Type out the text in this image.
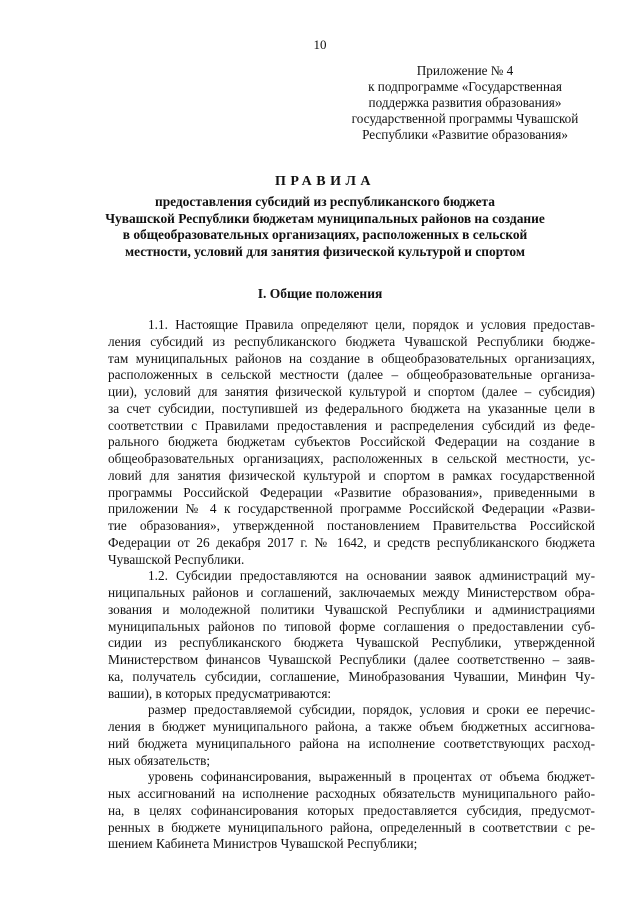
10
Приложение № 4
к подпрограмме «Государственная
поддержка развития образования»
государственной программы Чувашской
Республики «Развитие образования»
ПРАВИЛА
предоставления субсидий из республиканского бюджета
Чувашской Республики бюджетам муниципальных районов на создание
в общеобразовательных организациях, расположенных в сельской
местности, условий для занятия физической культурой и спортом
I. Общие положения
1.1. Настоящие Правила определяют цели, порядок и условия предостав-
ления субсидий из республиканского бюджета Чувашской Республики бюдже-
там муниципальных районов на создание в общеобразовательных организациях,
расположенных в сельской местности (далее – общеобразовательные организа-
ции), условий для занятия физической культурой и спортом (далее – субсидия)
за счет субсидии, поступившей из федерального бюджета на указанные цели в
соответствии с Правилами предоставления и распределения субсидий из феде-
рального бюджета бюджетам субъектов Российской Федерации на создание в
общеобразовательных организациях, расположенных в сельской местности, ус-
ловий для занятия физической культурой и спортом в рамках государственной
программы Российской Федерации «Развитие образования», приведенными в
приложении № 4 к государственной программе Российской Федерации «Разви-
тие образования», утвержденной постановлением Правительства Российской
Федерации от 26 декабря 2017 г. № 1642, и средств республиканского бюджета
Чувашской Республики.
1.2. Субсидии предоставляются на основании заявок администраций му-
ниципальных районов и соглашений, заключаемых между Министерством обра-
зования и молодежной политики Чувашской Республики и администрациями
муниципальных районов по типовой форме соглашения о предоставлении суб-
сидии из республиканского бюджета Чувашской Республики, утвержденной
Министерством финансов Чувашской Республики (далее соответственно – заяв-
ка, получатель субсидии, соглашение, Минобразования Чувашии, Минфин Чу-
вашии), в которых предусматриваются:
размер предоставляемой субсидии, порядок, условия и сроки ее перечис-
ления в бюджет муниципального района, а также объем бюджетных ассигнова-
ний бюджета муниципального района на исполнение соответствующих расход-
ных обязательств;
уровень софинансирования, выраженный в процентах от объема бюджет-
ных ассигнований на исполнение расходных обязательств муниципального райо-
на, в целях софинансирования которых предоставляется субсидия, предусмот-
ренных в бюджете муниципального района, определенный в соответствии с ре-
шением Кабинета Министров Чувашской Республики;
